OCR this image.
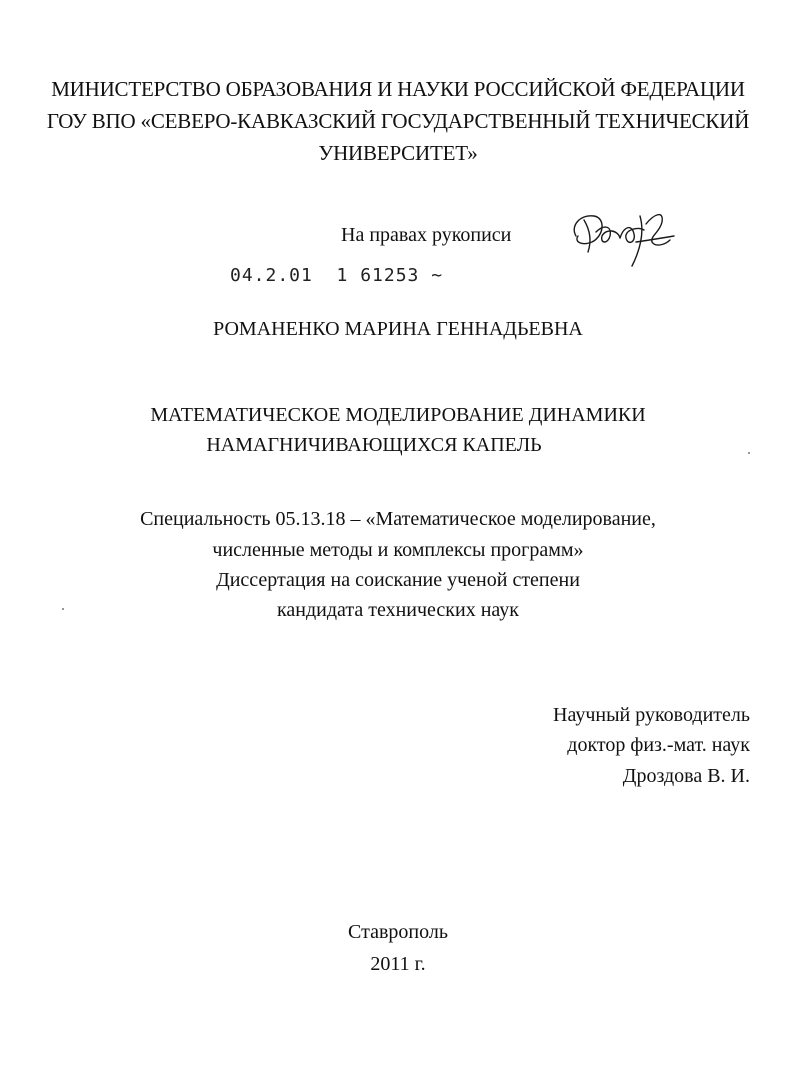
МИНИСТЕРСТВО ОБРАЗОВАНИЯ И НАУКИ РОССИЙСКОЙ ФЕДЕРАЦИИ
ГОУ ВПО «СЕВЕРО-КАВКАЗСКИЙ ГОСУДАРСТВЕННЫЙ ТЕХНИЧЕСКИЙ
УНИВЕРСИТЕТ»
На правах рукописи
04.2.01  1 61253 ~
РОМАНЕНКО МАРИНА ГЕННАДЬЕВНА
МАТЕМАТИЧЕСКОЕ МОДЕЛИРОВАНИЕ ДИНАМИКИ
НАМАГНИЧИВАЮЩИХСЯ КАПЕЛЬ
Специальность 05.13.18 – «Математическое моделирование,
численные методы и комплексы программ»
Диссертация на соискание ученой степени
кандидата технических наук
Научный руководитель
доктор физ.-мат. наук
Дроздова В. И.
Ставрополь
2011 г.
